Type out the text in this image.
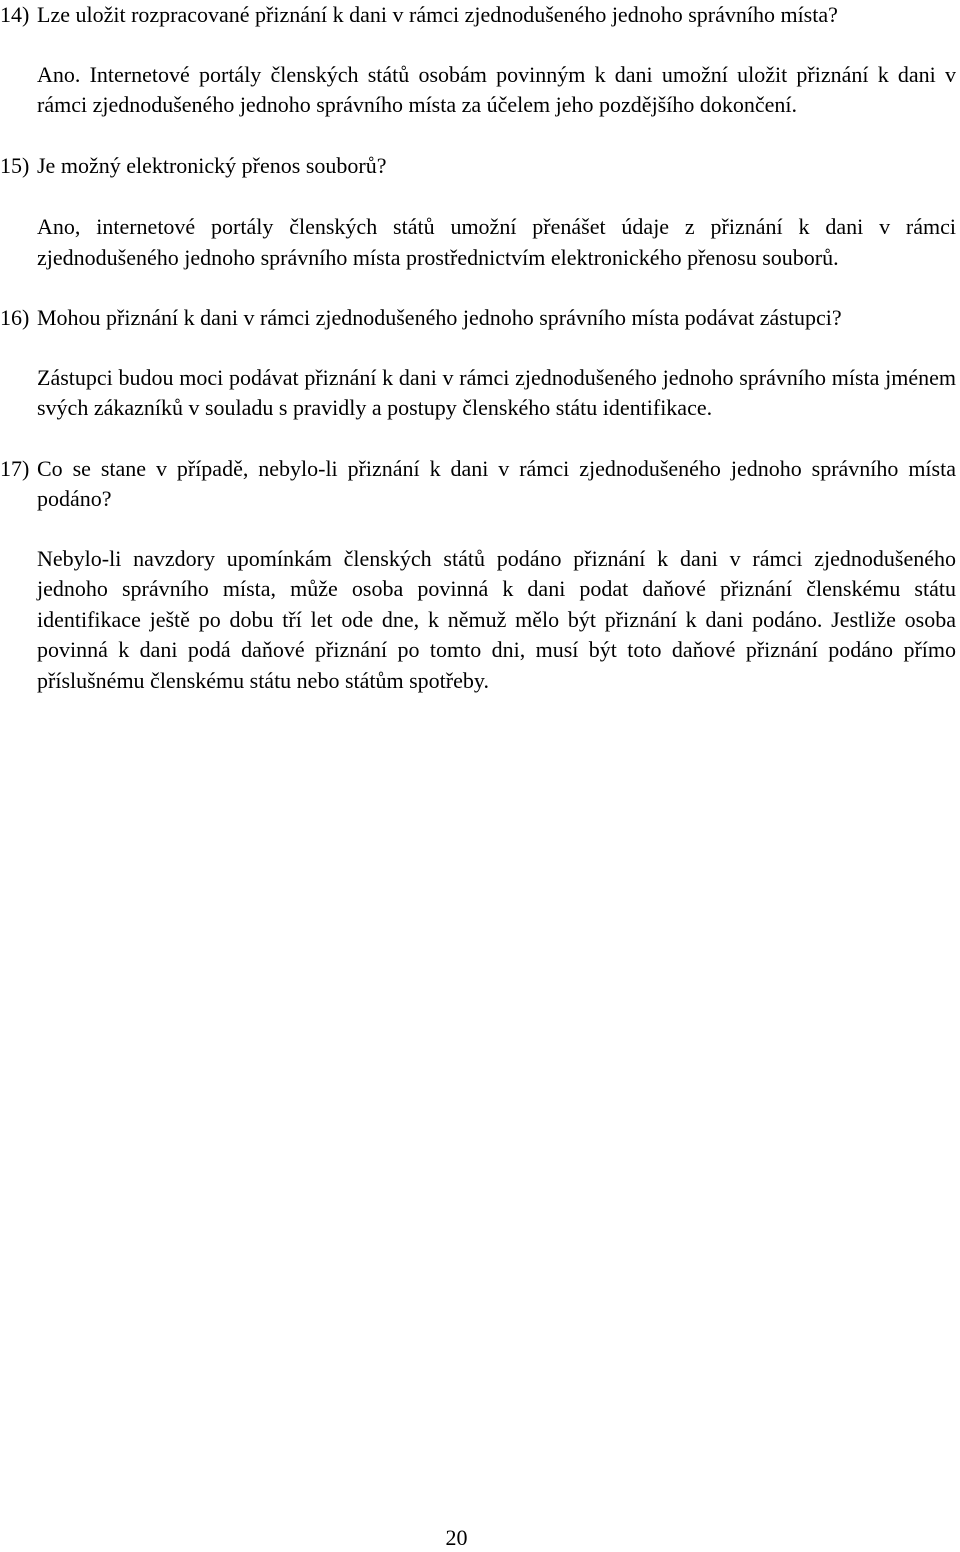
14) Lze uložit rozpracované přiznání k dani v rámci zjednodušeného jednoho správního místa?

Ano. Internetové portály členských států osobám povinným k dani umožní uložit přiznání k dani v rámci zjednodušeného jednoho správního místa za účelem jeho pozdějšího dokončení.

15) Je možný elektronický přenos souborů?

Ano, internetové portály členských států umožní přenášet údaje z přiznání k dani v rámci zjednodušeného jednoho správního místa prostřednictvím elektronického přenosu souborů.

16) Mohou přiznání k dani v rámci zjednodušeného jednoho správního místa podávat zástupci?

Zástupci budou moci podávat přiznání k dani v rámci zjednodušeného jednoho správního místa jménem svých zákazníků v souladu s pravidly a postupy členského státu identifikace.

17) Co se stane v případě, nebylo-li přiznání k dani v rámci zjednodušeného jednoho správního místa podáno?

Nebylo-li navzdory upomínkám členských států podáno přiznání k dani v rámci zjednodušeného jednoho správního místa, může osoba povinná k dani podat daňové přiznání členskému státu identifikace ještě po dobu tří let ode dne, k němuž mělo být přiznání k dani podáno. Jestliže osoba povinná k dani podá daňové přiznání po tomto dni, musí být toto daňové přiznání podáno přímo příslušnému členskému státu nebo státům spotřeby.

20
